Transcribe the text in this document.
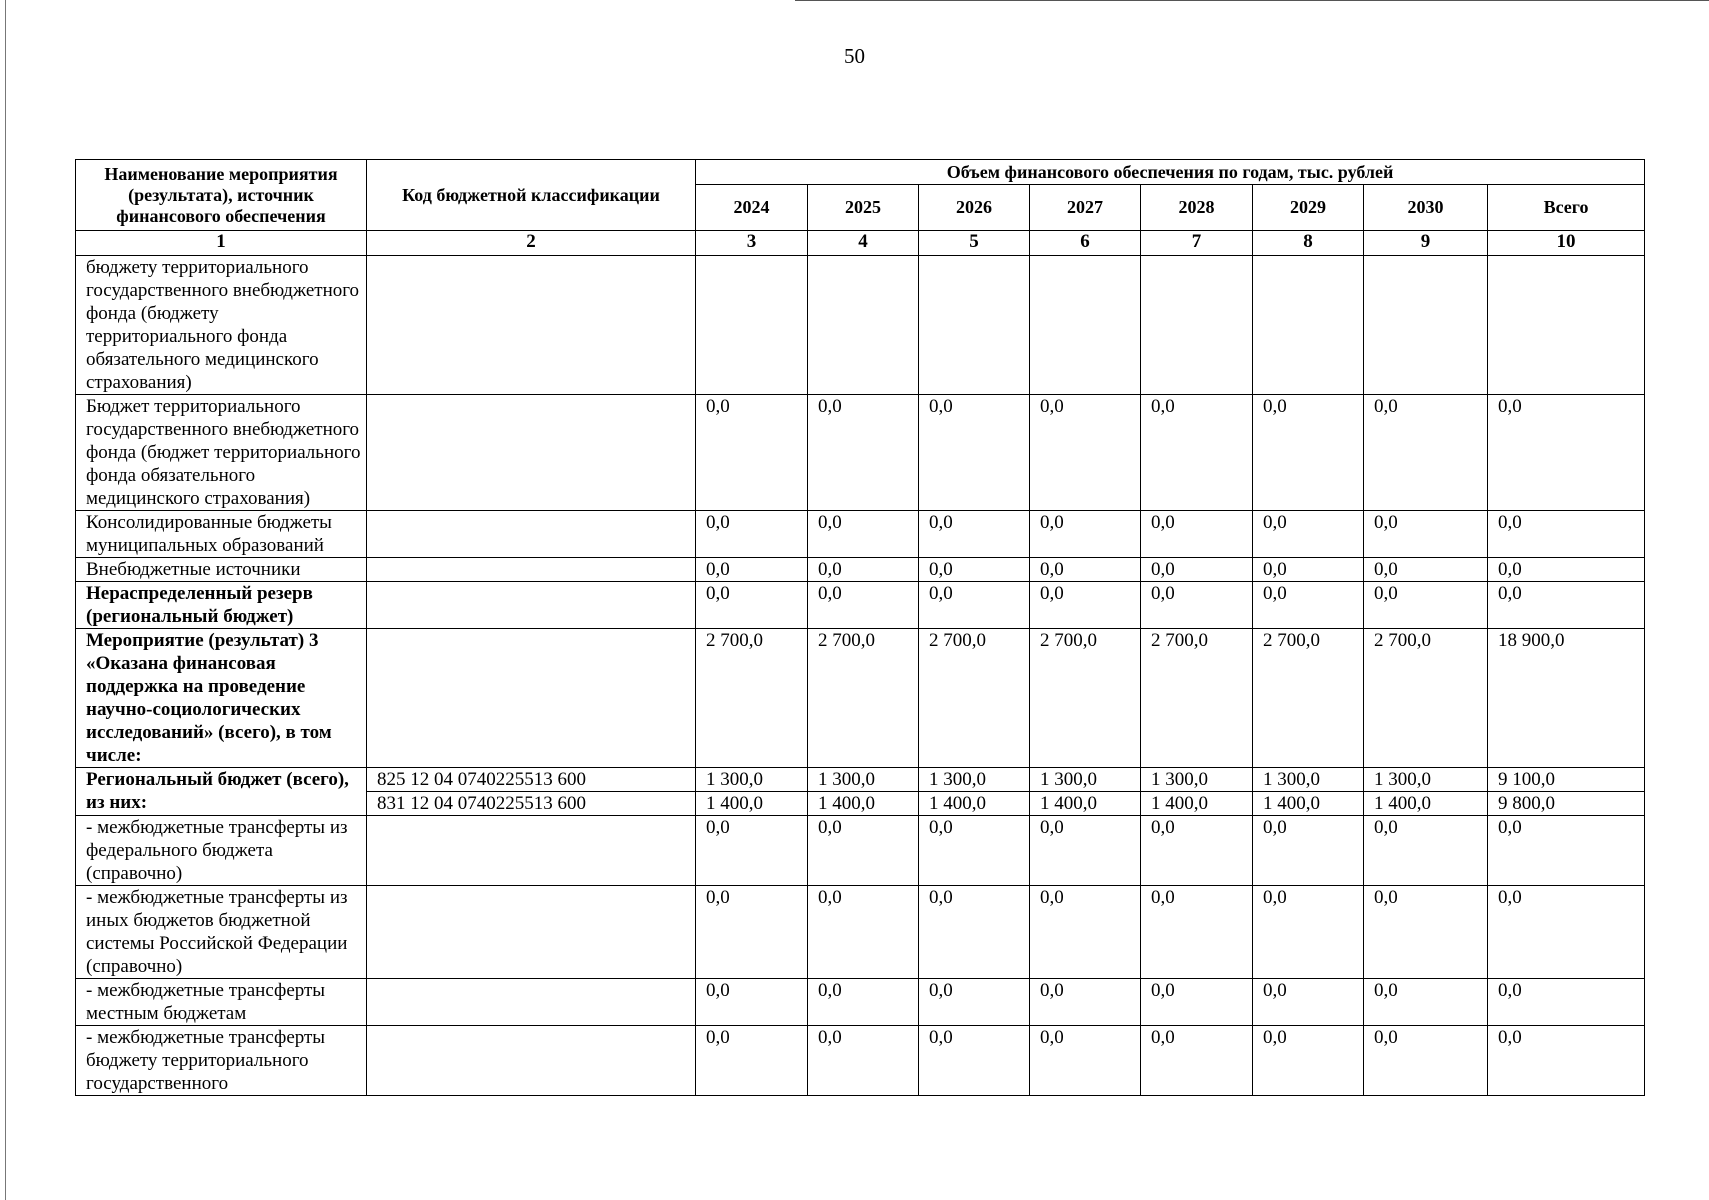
50
Наименование мероприятия (результата), источник финансового обеспечения	Код бюджетной классификации	Объем финансового обеспечения по годам, тыс. рублей							
		2024	2025	2026	2027	2028	2029	2030	Всего
1	2	3	4	5	6	7	8	9	10
бюджету территориального государственного внебюджетного фонда (бюджету территориального фонда обязательного медицинского страхования)									
Бюджет территориального государственного внебюджетного фонда (бюджет территориального фонда обязательного медицинского страхования)		0,0	0,0	0,0	0,0	0,0	0,0	0,0	0,0
Консолидированные бюджеты муниципальных образований		0,0	0,0	0,0	0,0	0,0	0,0	0,0	0,0
Внебюджетные источники		0,0	0,0	0,0	0,0	0,0	0,0	0,0	0,0
Нераспределенный резерв (региональный бюджет)		0,0	0,0	0,0	0,0	0,0	0,0	0,0	0,0
Мероприятие (результат) 3 «Оказана финансовая поддержка на проведение научно-социологических исследований» (всего), в том числе:		2 700,0	2 700,0	2 700,0	2 700,0	2 700,0	2 700,0	2 700,0	18 900,0
Региональный бюджет (всего), из них:	825 12 04 0740225513 600	1 300,0	1 300,0	1 300,0	1 300,0	1 300,0	1 300,0	1 300,0	9 100,0
	831 12 04 0740225513 600	1 400,0	1 400,0	1 400,0	1 400,0	1 400,0	1 400,0	1 400,0	9 800,0
- межбюджетные трансферты из федерального бюджета (справочно)		0,0	0,0	0,0	0,0	0,0	0,0	0,0	0,0
- межбюджетные трансферты из иных бюджетов бюджетной системы Российской Федерации (справочно)		0,0	0,0	0,0	0,0	0,0	0,0	0,0	0,0
- межбюджетные трансферты местным бюджетам		0,0	0,0	0,0	0,0	0,0	0,0	0,0	0,0
- межбюджетные трансферты бюджету территориального государственного		0,0	0,0	0,0	0,0	0,0	0,0	0,0	0,0
